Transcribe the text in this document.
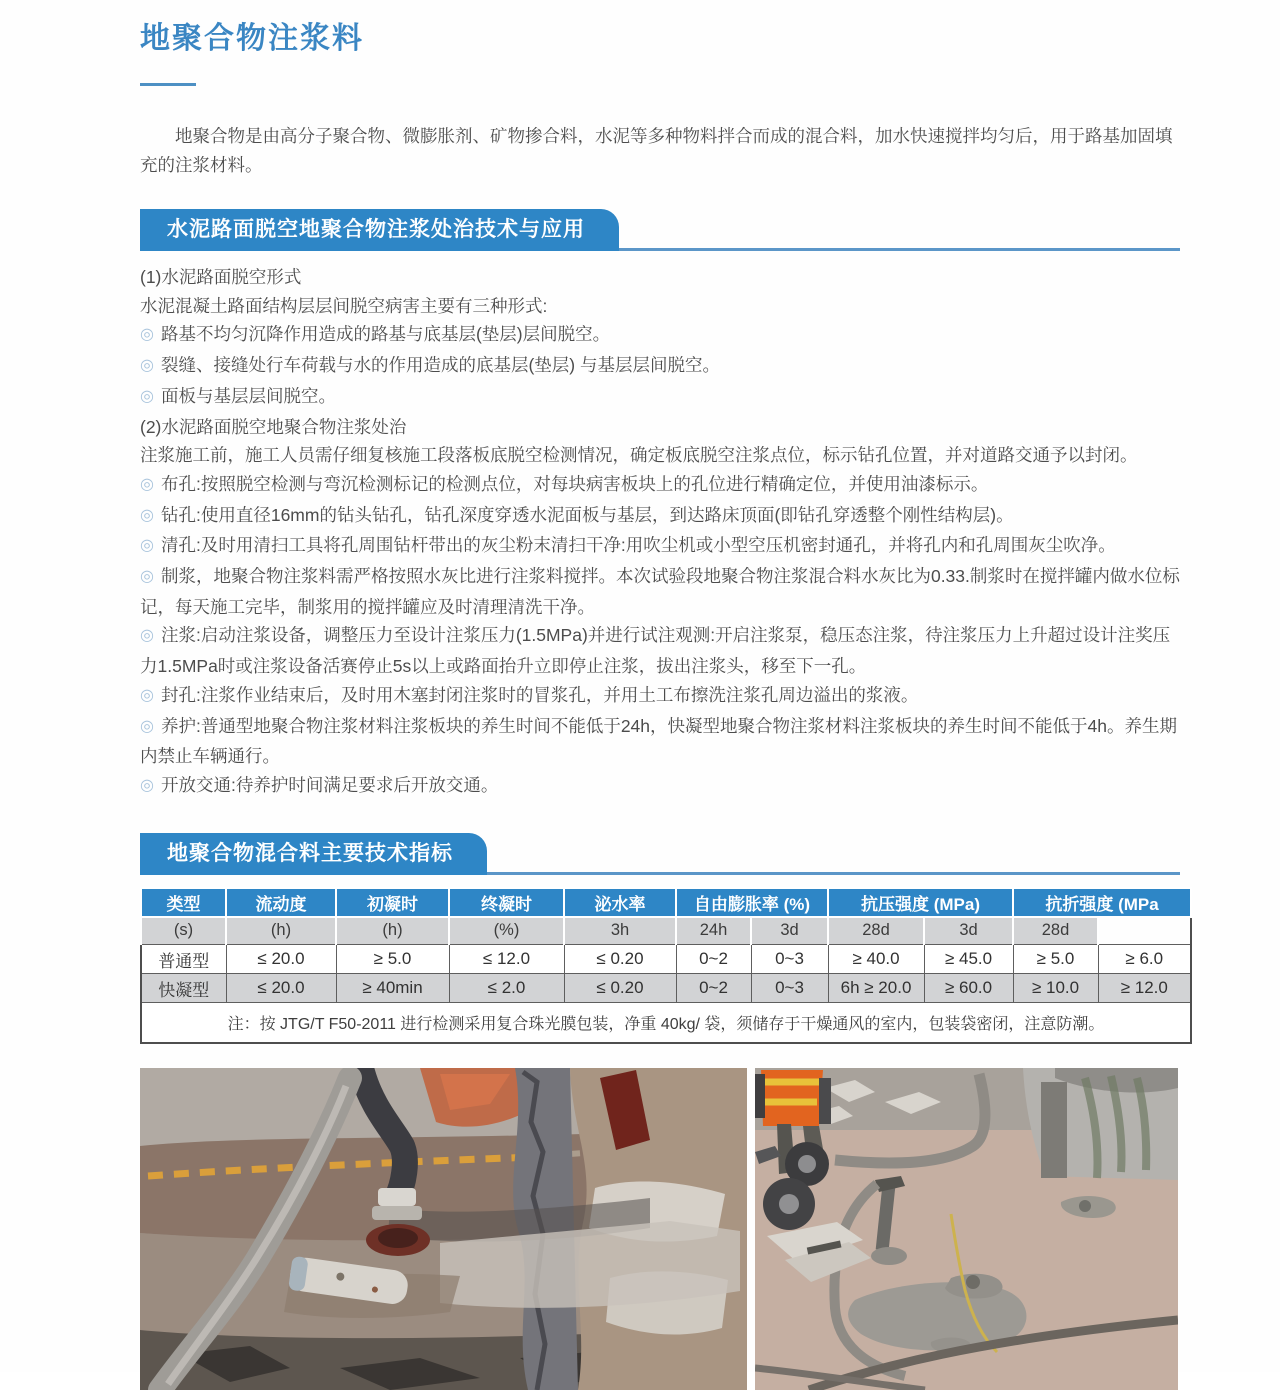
地聚合物注浆料

地聚合物是由高分子聚合物、微膨胀剂、矿物掺合料，水泥等多种物料拌合而成的混合料，加水快速搅拌均匀后，用于路基加固填充的注浆材料。

水泥路面脱空地聚合物注浆处治技术与应用

(1)水泥路面脱空形式

水泥混凝土路面结构层层间脱空病害主要有三种形式:

◎ 路基不均匀沉降作用造成的路基与底基层(垫层)层间脱空。

◎ 裂缝、接缝处行车荷载与水的作用造成的底基层(垫层) 与基层层间脱空。

◎ 面板与基层层间脱空。

(2)水泥路面脱空地聚合物注浆处治

注浆施工前，施工人员需仔细复核施工段落板底脱空检测情况，确定板底脱空注浆点位，标示钻孔位置，并对道路交通予以封闭。

◎ 布孔:按照脱空检测与弯沉检测标记的检测点位，对每块病害板块上的孔位进行精确定位，并使用油漆标示。

◎ 钻孔:使用直径16mm的钻头钻孔，钻孔深度穿透水泥面板与基层，到达路床顶面(即钻孔穿透整个刚性结构层)。

◎ 清孔:及时用清扫工具将孔周围钻杆带出的灰尘粉末清扫干净:用吹尘机或小型空压机密封通孔，并将孔内和孔周围灰尘吹净。

◎ 制浆，地聚合物注浆料需严格按照水灰比进行注浆料搅拌。本次试验段地聚合物注浆混合料水灰比为0.33.制浆时在搅拌罐内做水位标记，每天施工完毕，制浆用的搅拌罐应及时清理清洗干净。

◎ 注浆:启动注浆设备，调整压力至设计注浆压力(1.5MPa)并进行试注观测:开启注浆泵，稳压态注浆，待注浆压力上升超过设计注奖压力1.5MPa时或注浆设备活赛停止5s以上或路面抬升立即停止注浆，拔出注浆头，移至下一孔。

◎ 封孔:注浆作业结束后，及时用木塞封闭注浆时的冒浆孔，并用土工布擦洗注浆孔周边溢出的浆液。

◎ 养护:普通型地聚合物注浆材料注浆板块的养生时间不能低于24h，快凝型地聚合物注浆材料注浆板块的养生时间不能低于4h。养生期内禁止车辆通行。

◎ 开放交通:待养护时间满足要求后开放交通。

地聚合物混合料主要技术指标
类型	流动度	初凝时	终凝时	泌水率	自由膨胀率 (%)		抗压强度 (MPa)		抗折强度 (MPa	
(s)	(h)	(h)	(%)	3h	24h	3d	28d	3d	28d	
普通型	≤ 20.0	≥ 5.0	≤ 12.0	≤ 0.20	0~2	0~3	≥ 40.0	≥ 45.0	≥ 5.0	≥ 6.0
快凝型	≤ 20.0	≥ 40min	≤ 2.0	≤ 0.20	0~2	0~3	6h ≥ 20.0	≥ 60.0	≥ 10.0	≥ 12.0
注：按 JTG/T F50-2011 进行检测采用复合珠光膜包装，净重 40kg/ 袋，须储存于干燥通风的室内，包装袋密闭，注意防潮。										
